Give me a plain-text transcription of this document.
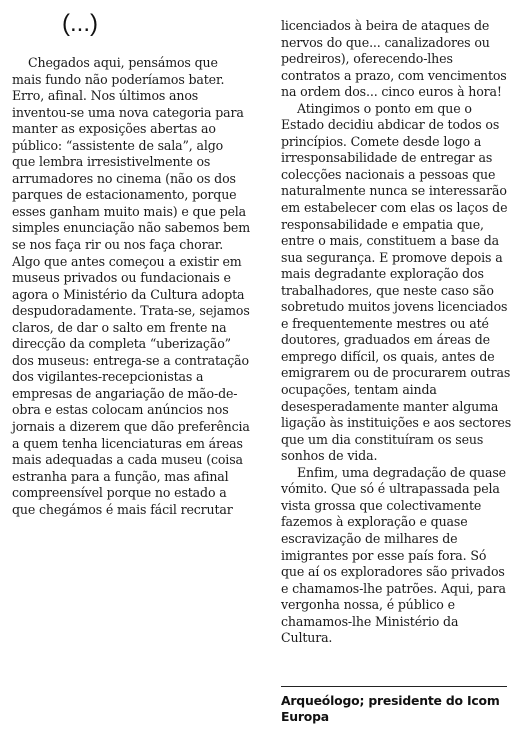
(...)

Chegados aqui, pensámos que mais fundo não poderíamos bater. Erro, afinal. Nos últimos anos inventou-se uma nova categoria para manter as exposições abertas ao público: “assistente de sala”, algo que lembra irresistivelmente os arrumadores no cinema (não os dos parques de estacionamento, porque esses ganham muito mais) e que pela simples enunciação não sabemos bem se nos faça rir ou nos faça chorar. Algo que antes começou a existir em museus privados ou fundacionais e agora o Ministério da Cultura adopta despudoradamente. Trata-se, sejamos claros, de dar o salto em frente na direcção da completa “uberização” dos museus: entrega-se a contratação dos vigilantes-recepcionistas a empresas de angariação de mão-de-obra e estas colocam anúncios nos jornais a dizerem que dão preferência a quem tenha licenciaturas em áreas mais adequadas a cada museu (coisa estranha para a função, mas afinal compreensível porque no estado a que chegámos é mais fácil recrutar

licenciados à beira de ataques de nervos do que... canalizadores ou pedreiros), oferecendo-lhes contratos a prazo, com vencimentos na ordem dos... cinco euros à hora!

Atingimos o ponto em que o Estado decidiu abdicar de todos os princípios. Comete desde logo a irresponsabilidade de entregar as colecções nacionais a pessoas que naturalmente nunca se interessarão em estabelecer com elas os laços de responsabilidade e empatia que, entre o mais, constituem a base da sua segurança. E promove depois a mais degradante exploração dos trabalhadores, que neste caso são sobretudo muitos jovens licenciados e frequentemente mestres ou até doutores, graduados em áreas de emprego difícil, os quais, antes de emigrarem ou de procurarem outras ocupações, tentam ainda desesperadamente manter alguma ligação às instituições e aos sectores que um dia constituíram os seus sonhos de vida.

Enfim, uma degradação de quase vómito. Que só é ultrapassada pela vista grossa que colectivamente fazemos à exploração e quase escravização de milhares de imigrantes por esse país fora. Só que aí os exploradores são privados e chamamos-lhe patrões. Aqui, para vergonha nossa, é público e chamamos-lhe Ministério da Cultura.

Arqueólogo; presidente do Icom Europa
